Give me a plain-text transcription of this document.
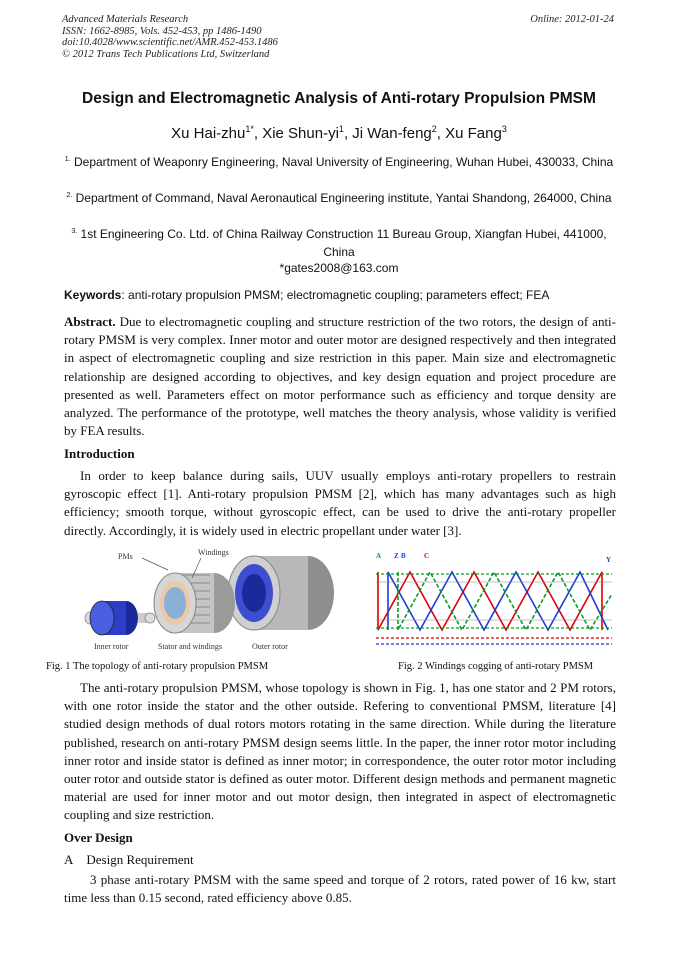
Advanced Materials Research
ISSN: 1662-8985, Vols. 452-453, pp 1486-1490
doi:10.4028/www.scientific.net/AMR.452-453.1486
© 2012 Trans Tech Publications Ltd, Switzerland
Online: 2012-01-24
Design and Electromagnetic Analysis of Anti-rotary Propulsion PMSM
Xu Hai-zhu$^{1*}$, Xie Shun-$yi^1$, Ji Wan-feng$^2$, Xu Fang$^3$
$^{1.}$ Department of Weaponry Engineering, Naval University of Engineering, Wuhan Hubei, 430033, China
$^{2.}$ Department of Command, Naval Aeronautical Engineering institute, Yantai Shandong, 264000, China
$^{3.}$ 1st Engineering Co. Ltd. of China Railway Construction 11 Bureau Group, Xiangfan Hubei, 441000, China
*gates2008@163.com
Keywords: anti-rotary propulsion PMSM; electromagnetic coupling; parameters effect; FEA
Abstract. Due to electromagnetic coupling and structure restriction of the two rotors, the design of anti-rotary PMSM is very complex. Inner motor and outer motor are designed respectively and then integrated in aspect of electromagnetic coupling and size restriction in this paper. Main size and electromagnetic relationship are designed according to objectives, and key design equation and project procedure are presented as well. Parameters effect on motor performance such as efficiency and torque density are analyzed. The performance of the prototype, well matches the theory analysis, whose validity is verified by FEA results.
Introduction
In order to keep balance during sails, UUV usually employs anti-rotary propellers to restrain gyroscopic effect [1]. Anti-rotary propulsion PMSM [2], which has many advantages such as high efficiency; smooth torque, without gyroscopic effect, can be used to drive the anti-rotary propeller directly. Accordingly, it is widely used in electric propellant under water [3].
PMs	Windings
Inner rotor	Stator and windings	Outer rotor
Fig. 1 The topology of anti-rotary propulsion PMSM
A Z B	C	Y
Fig. 2 Windings cogging of anti-rotary PMSM
The anti-rotary propulsion PMSM, whose topology is shown in Fig. 1, has one stator and 2 PM rotors, with one rotor inside the stator and the other outside. Refering to conventional PMSM, literature [4] studied design methods of dual rotors motors rotating in the same direction. While during the literature published, research on anti-rotary PMSM design seems little. In the paper, the inner rotor motor including inner rotor and inside stator is defined as inner motor; in correspondence, the outer rotor motor including outer rotor and outside stator is defined as outer motor. Different design methods and permanent magnetic material are used for inner motor and out motor design, then integrated in aspect of electromagnetic coupling and size restriction.
Over Design
A Design Requirement
3 phase anti-rotary PMSM with the same speed and torque of 2 rotors, rated power of 16 kw, start time less than 0.15 second, rated efficiency above 0.85.
